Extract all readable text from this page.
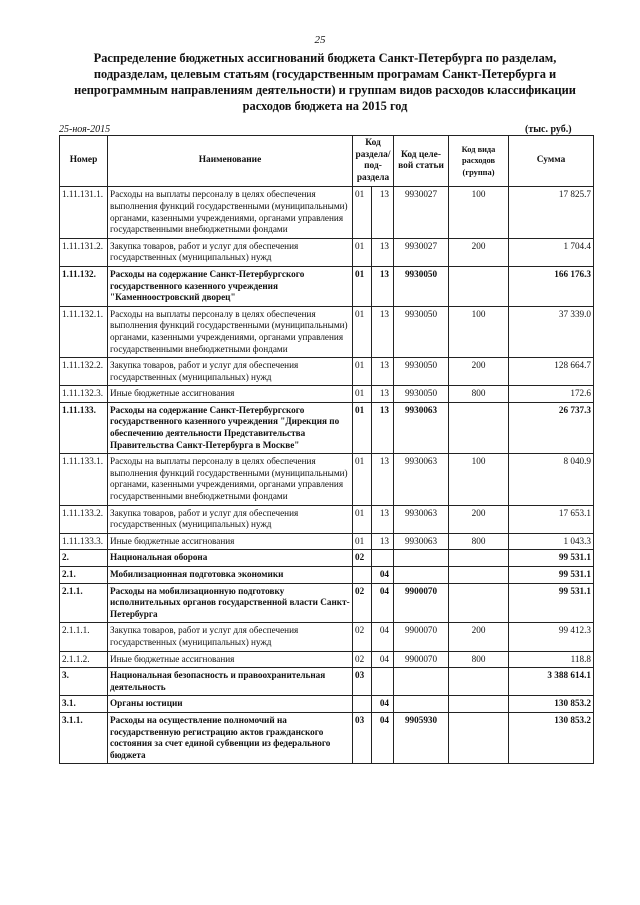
25
Распределение бюджетных ассигнований бюджета Санкт-Петербурга по разделам, подразделам, целевым статьям (государственным програмам Санкт-Петербурга и непрограммным направлениям деятельности) и группам видов расходов классификации расходов бюджета на 2015 год
25-ноя-2015	(тыс. руб.)
Номер	Наименование	Код раздела/ под- раздела		Код целе- вой статьи	Код вида расходов (группа)	Сумма
1.11.131.1.	Расходы на выплаты персоналу в целях обеспечения выполнения функций государственными (муниципальными) органами, казенными учреждениями, органами управления государственными внебюджетными фондами	01	13	9930027	100	17 825.7
1.11.131.2.	Закупка товаров, работ и услуг для обеспечения государственных (муниципальных) нужд	01	13	9930027	200	1 704.4
1.11.132.	Расходы на содержание Санкт-Петербургского государственного казенного учреждения "Каменноостровский дворец"	01	13	9930050		166 176.3
1.11.132.1.	Расходы на выплаты персоналу в целях обеспечения выполнения функций государственными (муниципальными) органами, казенными учреждениями, органами управления государственными внебюджетными фондами	01	13	9930050	100	37 339.0
1.11.132.2.	Закупка товаров, работ и услуг для обеспечения государственных (муниципальных) нужд	01	13	9930050	200	128 664.7
1.11.132.3.	Иные бюджетные ассигнования	01	13	9930050	800	172.6
1.11.133.	Расходы на содержание Санкт-Петербургского государственного казенного учреждения "Дирекция по обеспечению деятельности Представительства Правительства Санкт-Петербурга в Москве"	01	13	9930063		26 737.3
1.11.133.1.	Расходы на выплаты персоналу в целях обеспечения выполнения функций государственными (муниципальными) органами, казенными учреждениями, органами управления государственными внебюджетными фондами	01	13	9930063	100	8 040.9
1.11.133.2.	Закупка товаров, работ и услуг для обеспечения государственных (муниципальных) нужд	01	13	9930063	200	17 653.1
1.11.133.3.	Иные бюджетные ассигнования	01	13	9930063	800	1 043.3
2.	Национальная оборона	02				99 531.1
2.1.	Мобилизационная подготовка экономики		04			99 531.1
2.1.1.	Расходы на мобилизационную подготовку исполнительных органов государственной власти Санкт-Петербурга	02	04	9900070		99 531.1
2.1.1.1.	Закупка товаров, работ и услуг для обеспечения государственных (муниципальных) нужд	02	04	9900070	200	99 412.3
2.1.1.2.	Иные бюджетные ассигнования	02	04	9900070	800	118.8
3.	Национальная безопасность и правоохранительная деятельность	03				3 388 614.1
3.1.	Органы юстиции		04			130 853.2
3.1.1.	Расходы на осуществление полномочий на государственную регистрацию актов гражданского состояния за счет единой субвенции из федерального бюджета	03	04	9905930		130 853.2
